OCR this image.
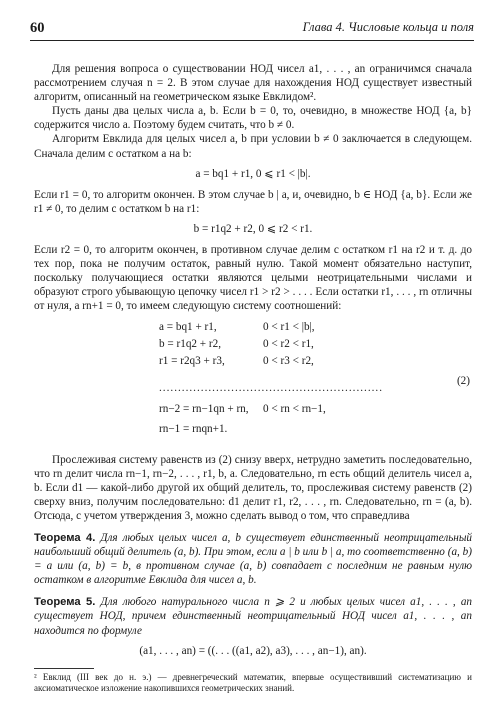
60	Глава 4. Числовые кольца и поля

Для решения вопроса о существовании НОД чисел a1, . . . , an ограничимся сначала рассмотрением случая n = 2. В этом случае для нахождения НОД существует известный алгоритм, описанный на геометрическом языке Евклидом².

Пусть даны два целых числа a, b. Если b = 0, то, очевидно, в множестве НОД {a, b} содержится число a. Поэтому будем считать, что b ≠ 0.

Алгоритм Евклида для целых чисел a, b при условии b ≠ 0 заключается в следующем. Сначала делим с остатком a на b:

a = bq1 + r1, 0 ⩽ r1 < |b|.

Если r1 = 0, то алгоритм окончен. В этом случае b | a, и, очевидно, b ∈ НОД {a, b}. Если же r1 ≠ 0, то делим с остатком b на r1:

b = r1q2 + r2, 0 ⩽ r2 < r1.

Если r2 = 0, то алгоритм окончен, в противном случае делим с остатком r1 на r2 и т. д. до тех пор, пока не получим остаток, равный нулю. Такой момент обязательно наступит, поскольку получающиеся остатки являются целыми неотрицательными числами и образуют строго убывающую цепочку чисел r1 > r2 > . . . . Если остатки r1, . . . , rn отличны от нуля, а rn+1 = 0, то имеем следующую систему соотношений:

a = bq1 + r1,	0 < r1 < |b|,
b = r1q2 + r2,	0 < r2 < r1,
r1 = r2q3 + r3,	0 < r3 < r2,
...........................................................
rn−2 = rn−1qn + rn, 0 < rn < rn−1,
rn−1 = rnqn+1.
(2)

Прослеживая систему равенств из (2) снизу вверх, нетрудно заметить последовательно, что rn делит числа rn−1, rn−2, . . . , r1, b, a. Следовательно, rn есть общий делитель чисел a, b. Если d1 — какой-либо другой их общий делитель, то, прослеживая систему равенств (2) сверху вниз, получим последовательно: d1 делит r1, r2, . . . , rn. Следовательно, rn = (a, b). Отсюда, с учетом утверждения 3, можно сделать вывод о том, что справедлива

Теорема 4. Для любых целых чисел a, b существует единственный неотрицательный наибольший общий делитель (a, b). При этом, если a | b или b | a, то соответственно (a, b) = a или (a, b) = b, в противном случае (a, b) совпадает с последним не равным нулю остатком в алгоритме Евклида для чисел a, b.

Теорема 5. Для любого натурального числа n ⩾ 2 и любых целых чисел a1, . . . , an существует НОД, причем единственный неотрицательный НОД чисел a1, . . . , an находится по формуле

(a1, . . . , an) = ((. . . ((a1, a2), a3), . . . , an−1), an).
² Евклид (III век до н. э.) — древнегреческий математик, впервые осуществивший систематизацию и аксиоматическое изложение накопившихся геометрических знаний.
